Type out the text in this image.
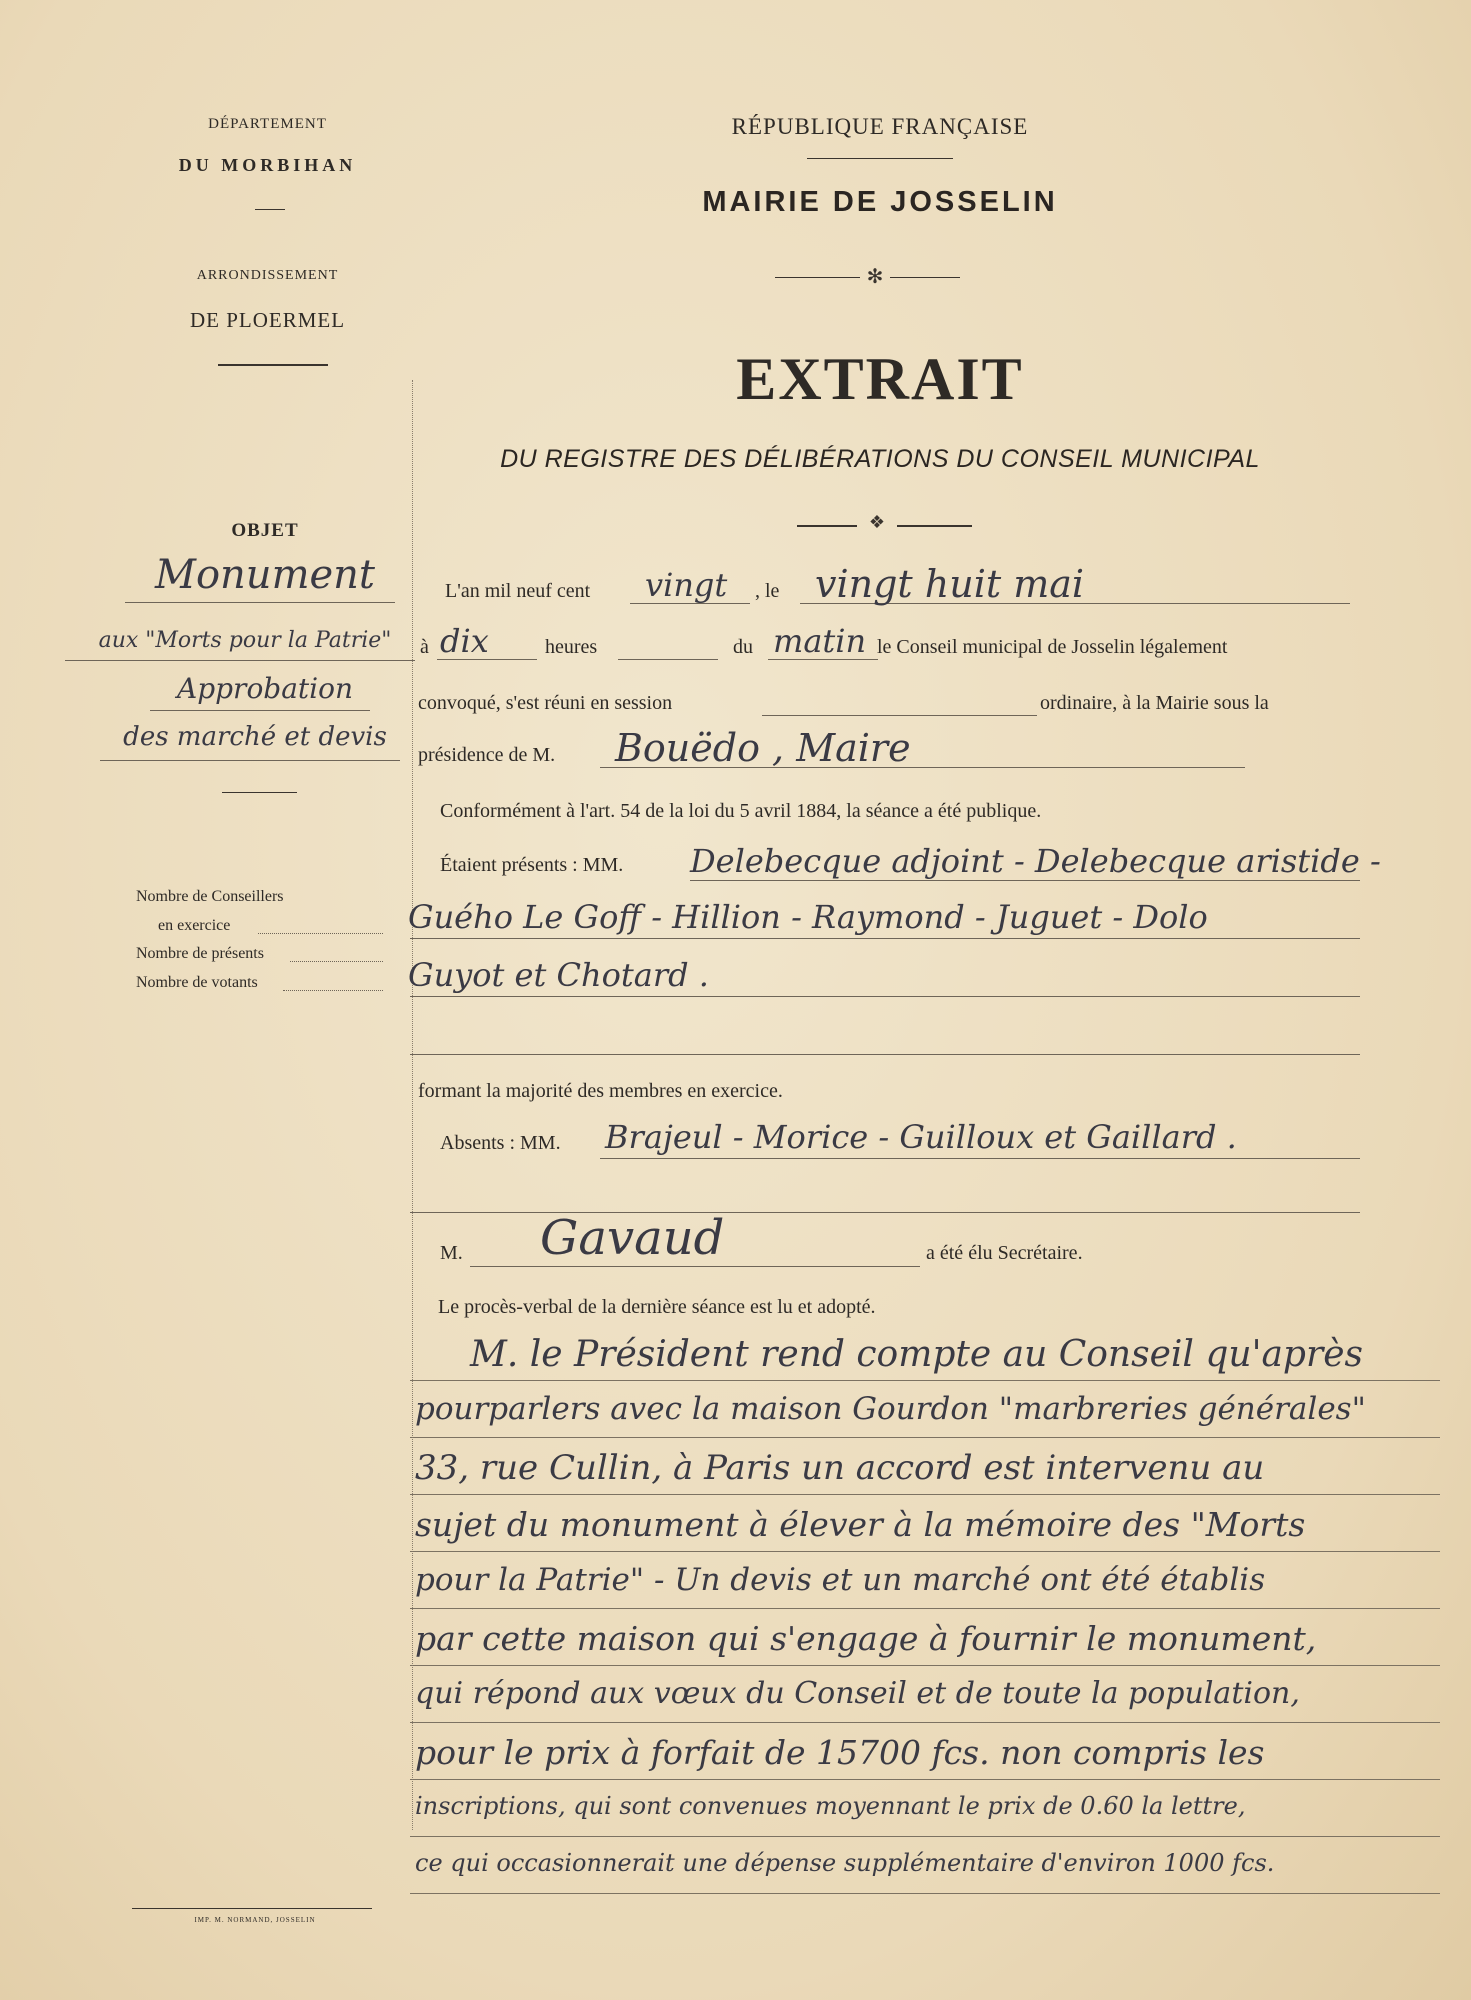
DÉPARTEMENT
DU MORBIHAN
ARRONDISSEMENT
DE PLOERMEL
RÉPUBLIQUE FRANÇAISE
MAIRIE DE JOSSELIN
✻
EXTRAIT
DU REGISTRE DES DÉLIBÉRATIONS DU CONSEIL MUNICIPAL
❖
OBJET
Monument
aux "Morts pour la Patrie"
Approbation
des marché et devis
Nombre de Conseillers
en exercice
Nombre de présents
Nombre de votants
L'an mil neuf cent vingt , le vingt huit mai
à dix	heures	du matin le Conseil municipal de Josselin légalement
convoqué, s'est réuni en session	ordinaire, à la Mairie sous la
présidence de M. Bouëdo , Maire
Conformément à l'art. 54 de la loi du 5 avril 1884, la séance a été publique.
Étaient présents : MM. Delebecque adjoint - Delebecque aristide -
Guého Le Goff - Hillion - Raymond - Juguet - Dolo
Guyot et Chotard .
formant la majorité des membres en exercice.
Absents : MM. Brajeul - Morice - Guilloux et Gaillard .
M. Gavaud	a été élu Secrétaire.
Le procès-verbal de la dernière séance est lu et adopté.
M. le Président rend compte au Conseil qu'après
pourparlers avec la maison Gourdon "marbreries générales"
33, rue Cullin, à Paris un accord est intervenu au
sujet du monument à élever à la mémoire des "Morts
pour la Patrie" - Un devis et un marché ont été établis
par cette maison qui s'engage à fournir le monument,
qui répond aux vœux du Conseil et de toute la population,
pour le prix à forfait de 15700 fcs. non compris les
inscriptions, qui sont convenues moyennant le prix de 0.60 la lettre,
ce qui occasionnerait une dépense supplémentaire d'environ 1000 fcs.
IMP. M. NORMAND, JOSSELIN
